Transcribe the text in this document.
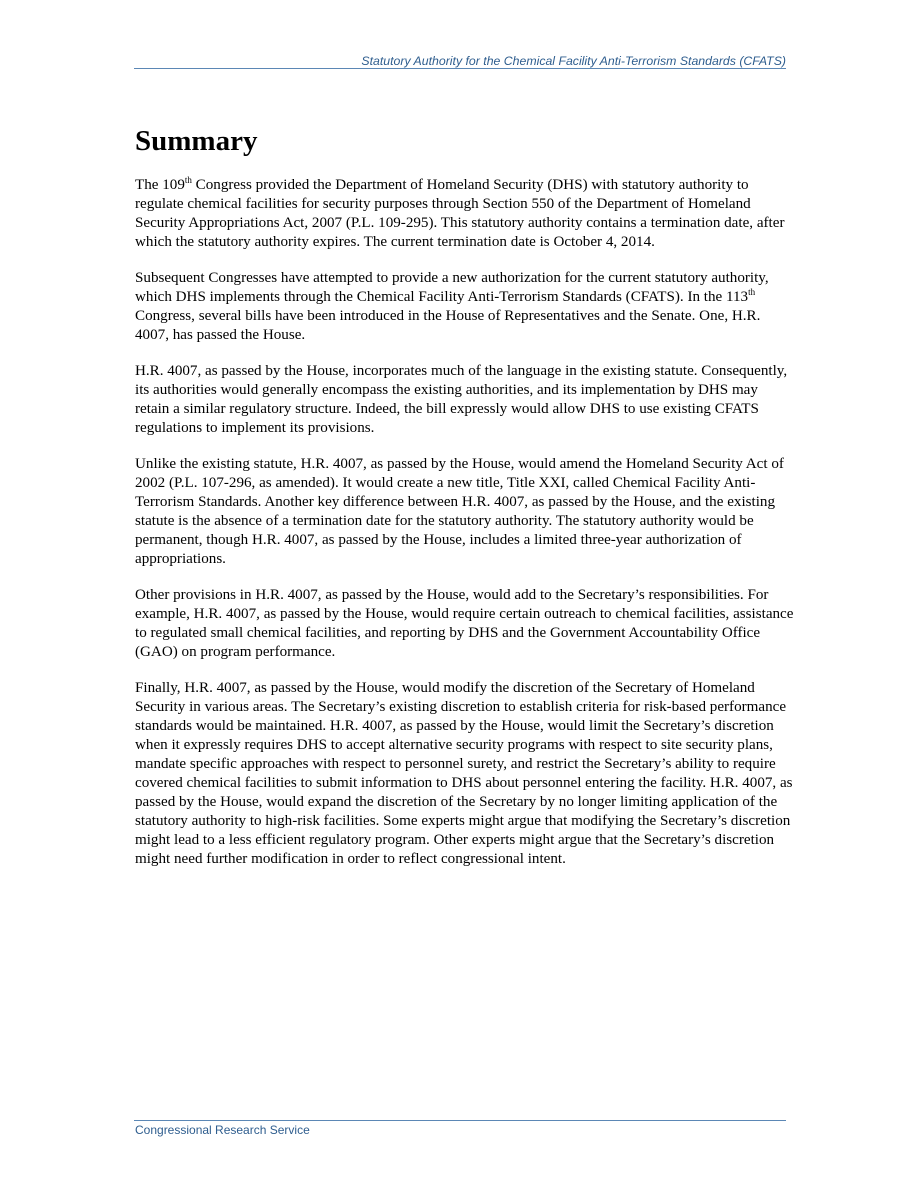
Statutory Authority for the Chemical Facility Anti-Terrorism Standards (CFATS)
Summary

The 109th Congress provided the Department of Homeland Security (DHS) with statutory authority to regulate chemical facilities for security purposes through Section 550 of the Department of Homeland Security Appropriations Act, 2007 (P.L. 109-295). This statutory authority contains a termination date, after which the statutory authority expires. The current termination date is October 4, 2014.

Subsequent Congresses have attempted to provide a new authorization for the current statutory authority, which DHS implements through the Chemical Facility Anti-Terrorism Standards (CFATS). In the 113th Congress, several bills have been introduced in the House of Representatives and the Senate. One, H.R. 4007, has passed the House.

H.R. 4007, as passed by the House, incorporates much of the language in the existing statute. Consequently, its authorities would generally encompass the existing authorities, and its implementation by DHS may retain a similar regulatory structure. Indeed, the bill expressly would allow DHS to use existing CFATS regulations to implement its provisions.

Unlike the existing statute, H.R. 4007, as passed by the House, would amend the Homeland Security Act of 2002 (P.L. 107-296, as amended). It would create a new title, Title XXI, called Chemical Facility Anti-Terrorism Standards. Another key difference between H.R. 4007, as passed by the House, and the existing statute is the absence of a termination date for the statutory authority. The statutory authority would be permanent, though H.R. 4007, as passed by the House, includes a limited three-year authorization of appropriations.

Other provisions in H.R. 4007, as passed by the House, would add to the Secretary’s responsibilities. For example, H.R. 4007, as passed by the House, would require certain outreach to chemical facilities, assistance to regulated small chemical facilities, and reporting by DHS and the Government Accountability Office (GAO) on program performance.

Finally, H.R. 4007, as passed by the House, would modify the discretion of the Secretary of Homeland Security in various areas. The Secretary’s existing discretion to establish criteria for risk-based performance standards would be maintained. H.R. 4007, as passed by the House, would limit the Secretary’s discretion when it expressly requires DHS to accept alternative security programs with respect to site security plans, mandate specific approaches with respect to personnel surety, and restrict the Secretary’s ability to require covered chemical facilities to submit information to DHS about personnel entering the facility. H.R. 4007, as passed by the House, would expand the discretion of the Secretary by no longer limiting application of the statutory authority to high-risk facilities. Some experts might argue that modifying the Secretary’s discretion might lead to a less efficient regulatory program. Other experts might argue that the Secretary’s discretion might need further modification in order to reflect congressional intent.

Congressional Research Service
